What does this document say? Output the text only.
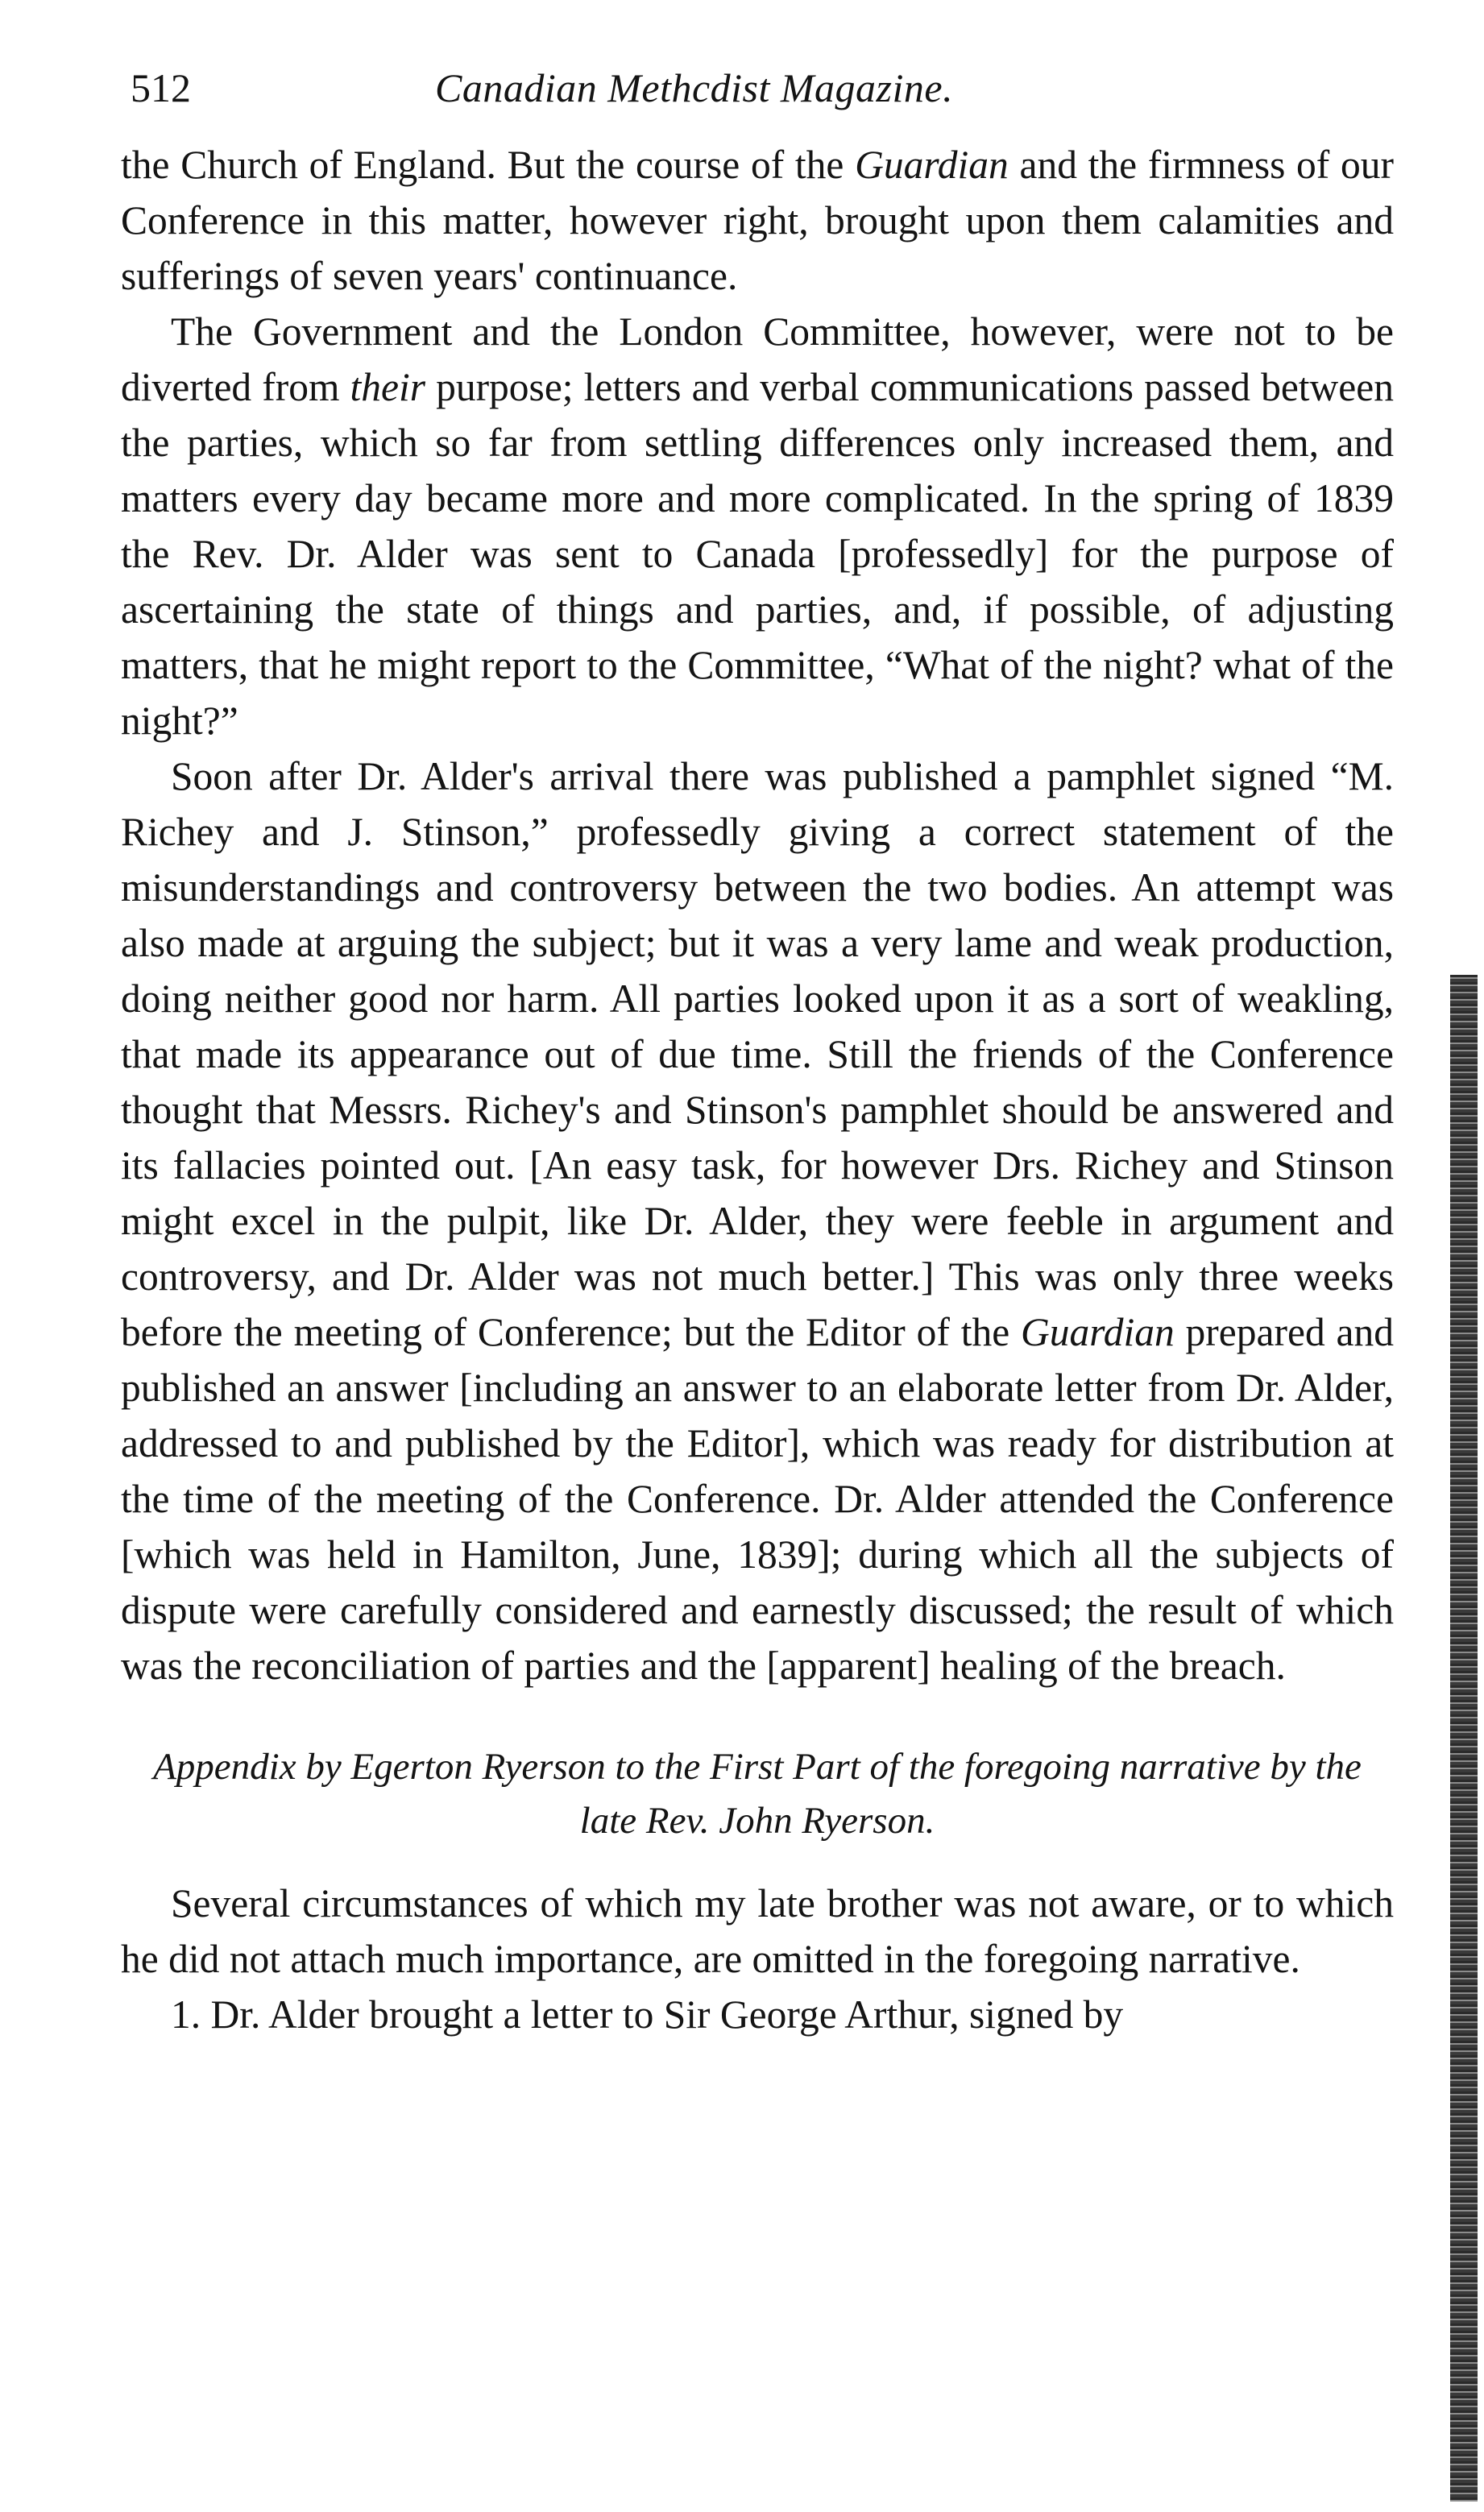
512	Canadian Methcdist Magazine.

the Church of England. But the course of the Guardian and the firmness of our Conference in this matter, however right, brought upon them calamities and sufferings of seven years' continuance.

The Government and the London Committee, however, were not to be diverted from their purpose; letters and verbal communications passed between the parties, which so far from settling differences only increased them, and matters every day became more and more complicated. In the spring of 1839 the Rev. Dr. Alder was sent to Canada [professedly] for the purpose of ascertaining the state of things and parties, and, if possible, of adjusting matters, that he might report to the Committee, “What of the night? what of the night?”

Soon after Dr. Alder's arrival there was published a pamphlet signed “M. Richey and J. Stinson,” professedly giving a correct statement of the misunderstandings and controversy between the two bodies. An attempt was also made at arguing the subject; but it was a very lame and weak production, doing neither good nor harm. All parties looked upon it as a sort of weakling, that made its appearance out of due time. Still the friends of the Conference thought that Messrs. Richey's and Stinson's pamphlet should be answered and its fallacies pointed out. [An easy task, for however Drs. Richey and Stinson might excel in the pulpit, like Dr. Alder, they were feeble in argument and controversy, and Dr. Alder was not much better.] This was only three weeks before the meeting of Conference; but the Editor of the Guardian prepared and published an answer [including an answer to an elaborate letter from Dr. Alder, addressed to and published by the Editor], which was ready for distribution at the time of the meeting of the Conference. Dr. Alder attended the Conference [which was held in Hamilton, June, 1839]; during which all the subjects of dispute were carefully considered and earnestly discussed; the result of which was the reconciliation of parties and the [apparent] healing of the breach.

Appendix by Egerton Ryerson to the First Part of the foregoing narrative by the late Rev. John Ryerson.

Several circumstances of which my late brother was not aware, or to which he did not attach much importance, are omitted in the foregoing narrative.

1. Dr. Alder brought a letter to Sir George Arthur, signed by
